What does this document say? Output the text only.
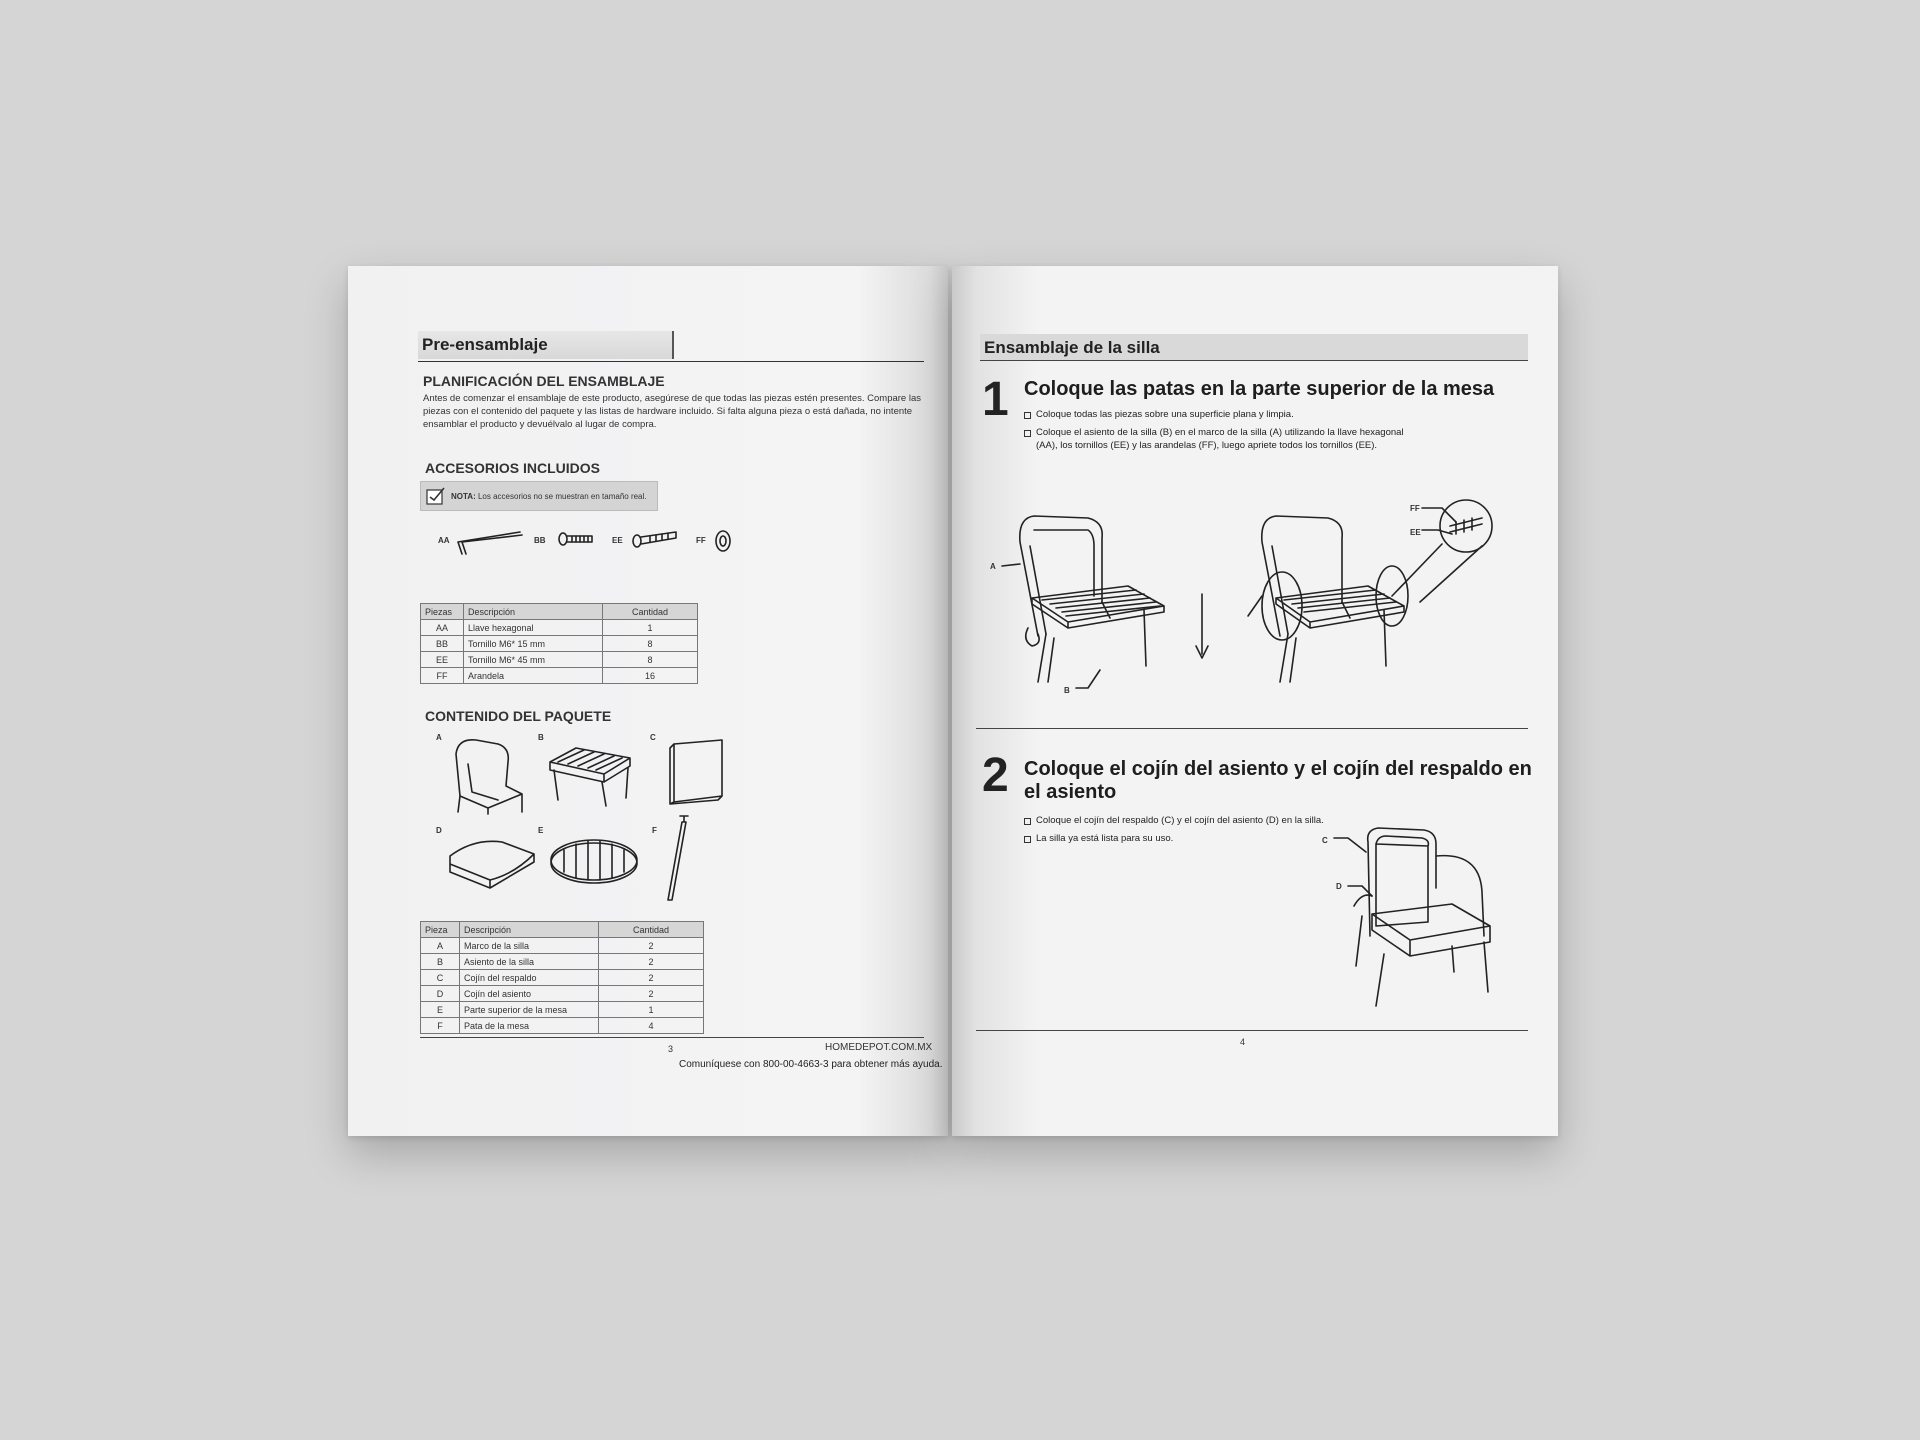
Pre-ensamblaje
PLANIFICACIÓN DEL ENSAMBLAJE
Antes de comenzar el ensamblaje de este producto, asegúrese de que todas las piezas estén presentes. Compare las piezas con el contenido del paquete y las listas de hardware incluido. Si falta alguna pieza o está dañada, no intente ensamblar el producto y devuélvalo al lugar de compra.
ACCESORIOS INCLUIDOS
NOTA:
Los accesorios no se muestran en tamaño real.
AA	BB	EE	FF
Piezas	Descripción	Cantidad
AA	Llave hexagonal	1
BB	Tornillo M6* 15 mm	8
EE	Tornillo M6* 45 mm	8
FF	Arandela	16
CONTENIDO DEL PAQUETE
A	B	C
D	E	F
Pieza	Descripción	Cantidad
A	Marco de la silla	2
B	Asiento de la silla	2
C	Cojín del respaldo	2
D	Cojín del asiento	2
E	Parte superior de la mesa	1
F	Pata de la mesa	4
3	HOMEDEPOT.COM.MX
Comuníquese con 800-00-4663-3 para obtener más ayuda.
Ensamblaje de la silla
1 Coloque las patas en la parte superior de la mesa
Coloque todas las piezas sobre una superficie plana y limpia.
Coloque el asiento de la silla (B) en el marco de la silla (A) utilizando la llave hexagonal (AA), los tornillos (EE) y las arandelas (FF), luego apriete todos los tornillos (EE).
A
B
FF
EE
2 Coloque el cojín del asiento y el cojín del respaldo en el asiento
Coloque el cojín del respaldo (C) y el cojín del asiento (D) en la silla.
La silla ya está lista para su uso.	C
D
4
